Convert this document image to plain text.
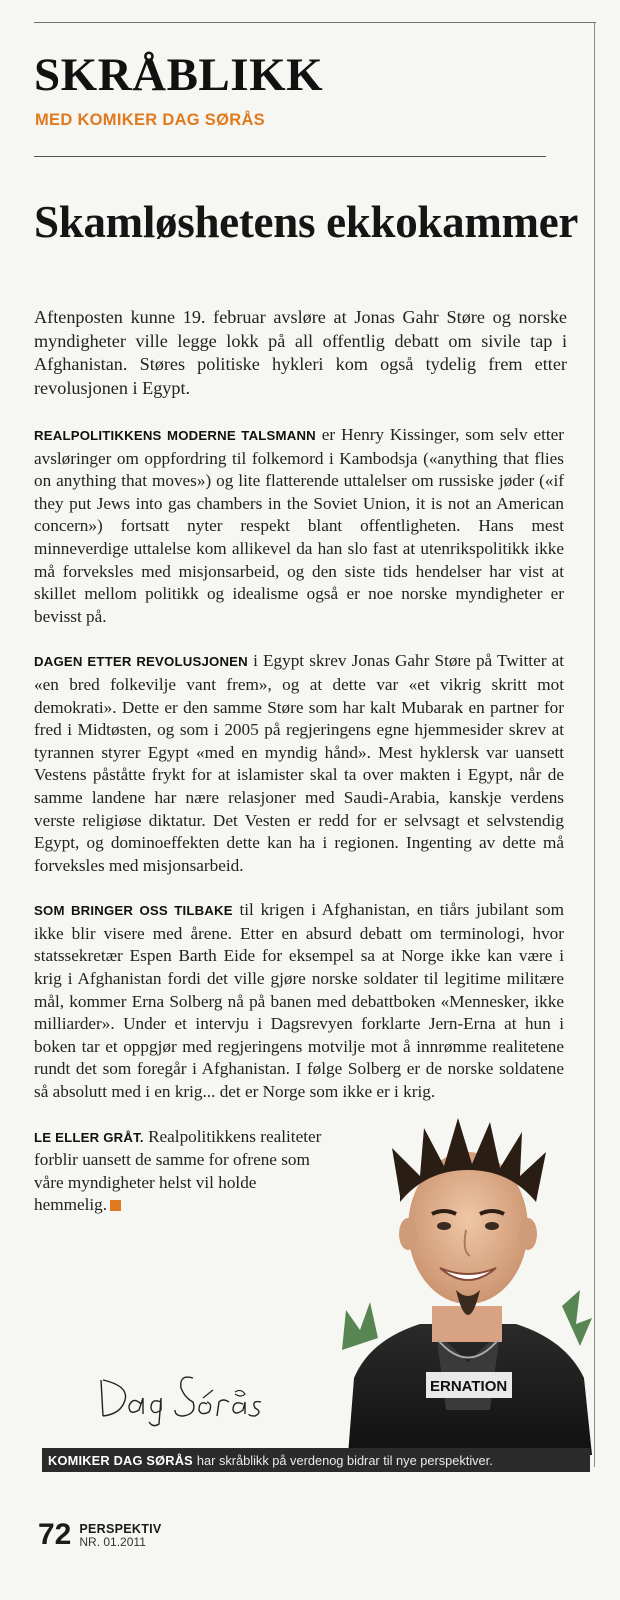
SKRÅBLIKK
MED KOMIKER DAG SØRÅS
Skamløshetens ekkokammer

Aftenposten kunne 19. februar avsløre at Jonas Gahr Støre og norske myndigheter ville legge lokk på all offentlig debatt om sivile tap i Afghanistan. Støres politiske hykleri kom også tydelig frem etter revolusjonen i Egypt.

REALPOLITIKKENS MODERNE TALSMANN er Henry Kissinger, som selv etter avsløringer om oppfordring til folkemord i Kambodsja («anything that flies on anything that moves») og lite flatterende uttalelser om russiske jøder («if they put Jews into gas chambers in the Soviet Union, it is not an American concern») fortsatt nyter respekt blant offentligheten. Hans mest minneverdige uttalelse kom allikevel da han slo fast at utenrikspolitikk ikke må forveksles med misjonsarbeid, og den siste tids hendelser har vist at skillet mellom politikk og idealisme også er noe norske myndigheter er bevisst på.

DAGEN ETTER REVOLUSJONEN i Egypt skrev Jonas Gahr Støre på Twitter at «en bred folkevilje vant frem», og at dette var «et vikrig skritt mot demokrati». Dette er den samme Støre som har kalt Mubarak en partner for fred i Midtøsten, og som i 2005 på regjeringens egne hjemmesider skrev at tyrannen styrer Egypt «med en myndig hånd». Mest hyklersk var uansett Vestens påståtte frykt for at islamister skal ta over makten i Egypt, når de samme landene har nære relasjoner med Saudi-Arabia, kanskje verdens verste religiøse diktatur. Det Vesten er redd for er selvsagt et selvstendig Egypt, og dominoeffekten dette kan ha i regionen. Ingenting av dette må forveksles med misjonsarbeid.

SOM BRINGER OSS TILBAKE til krigen i Afghanistan, en tiårs jubilant som ikke blir visere med årene. Etter en absurd debatt om terminologi, hvor statssekretær Espen Barth Eide for eksempel sa at Norge ikke kan være i krig i Afghanistan fordi det ville gjøre norske soldater til legitime militære mål, kommer Erna Solberg nå på banen med debattboken «Mennesker, ikke milliarder». Under et intervju i Dagsrevyen forklarte Jern-Erna at hun i boken tar et oppgjør med regjeringens motvilje mot å innrømme realitetene rundt det som foregår i Afghanistan. I følge Solberg er de norske soldatene så absolutt med i en krig... det er Norge som ikke er i krig.

LE ELLER GRÅT. Realpolitikkens realiteter forblir uansett de samme for ofrene som våre myndigheter helst vil holde hemmelig.

ERNATION
KOMIKER DAG SØRÅS har skråblikk på verdenog bidrar til nye perspektiver.
72 PERSPEKTIV
NR. 01.2011
